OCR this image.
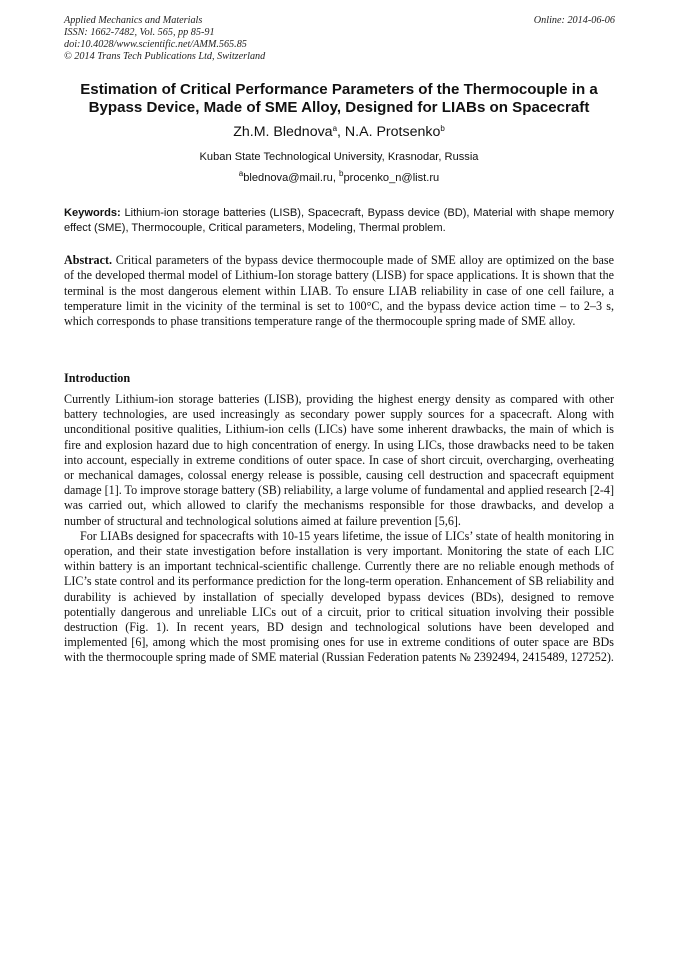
Applied Mechanics and Materials
ISSN: 1662-7482, Vol. 565, pp 85-91
doi:10.4028/www.scientific.net/AMM.565.85
© 2014 Trans Tech Publications Ltd, Switzerland
Online: 2014-06-06
Estimation of Critical Performance Parameters of the Thermocouple in a Bypass Device, Made of SME Alloy, Designed for LIABs on Spacecraft
Zh.M. Blednova$^a$, N.A. Protsenko$^b$
Kuban State Technological University, Krasnodar, Russia
$^a$blednova@mail.ru, $^b$procenko_n@list.ru
Keywords: Lithium-ion storage batteries (LISB), Spacecraft, Bypass device (BD), Material with shape memory effect (SME), Thermocouple, Critical parameters, Modeling, Thermal problem.
Abstract. Critical parameters of the bypass device thermocouple made of SME alloy are optimized on the base of the developed thermal model of Lithium-Ion storage battery (LISB) for space applications. It is shown that the terminal is the most dangerous element within LIAB. To ensure LIAB reliability in case of one cell failure, a temperature limit in the vicinity of the terminal is set to 100°C, and the bypass device action time – to 2–3 s, which corresponds to phase transitions temperature range of the thermocouple spring made of SME alloy.
Introduction

Currently Lithium-ion storage batteries (LISB), providing the highest energy density as compared with other battery technologies, are used increasingly as secondary power supply sources for a spacecraft. Along with unconditional positive qualities, Lithium-ion cells (LICs) have some inherent drawbacks, the main of which is fire and explosion hazard due to high concentration of energy. In using LICs, those drawbacks need to be taken into account, especially in extreme conditions of outer space. In case of short circuit, overcharging, overheating or mechanical damages, colossal energy release is possible, causing cell destruction and spacecraft equipment damage [1]. To improve storage battery (SB) reliability, a large volume of fundamental and applied research [2-4] was carried out, which allowed to clarify the mechanisms responsible for those drawbacks, and develop a number of structural and technological solutions aimed at failure prevention [5,6].

For LIABs designed for spacecrafts with 10-15 years lifetime, the issue of LICs’ state of health monitoring in operation, and their state investigation before installation is very important. Monitoring the state of each LIC within battery is an important technical-scientific challenge. Currently there are no reliable enough methods of LIC’s state control and its performance prediction for the long-term operation. Enhancement of SB reliability and durability is achieved by installation of specially developed bypass devices (BDs), designed to remove potentially dangerous and unreliable LICs out of a circuit, prior to critical situation involving their possible destruction (Fig. 1). In recent years, BD design and technological solutions have been developed and implemented [6], among which the most promising ones for use in extreme conditions of outer space are BDs with the thermocouple spring made of SME material (Russian Federation patents № 2392494, 2415489, 127252).
